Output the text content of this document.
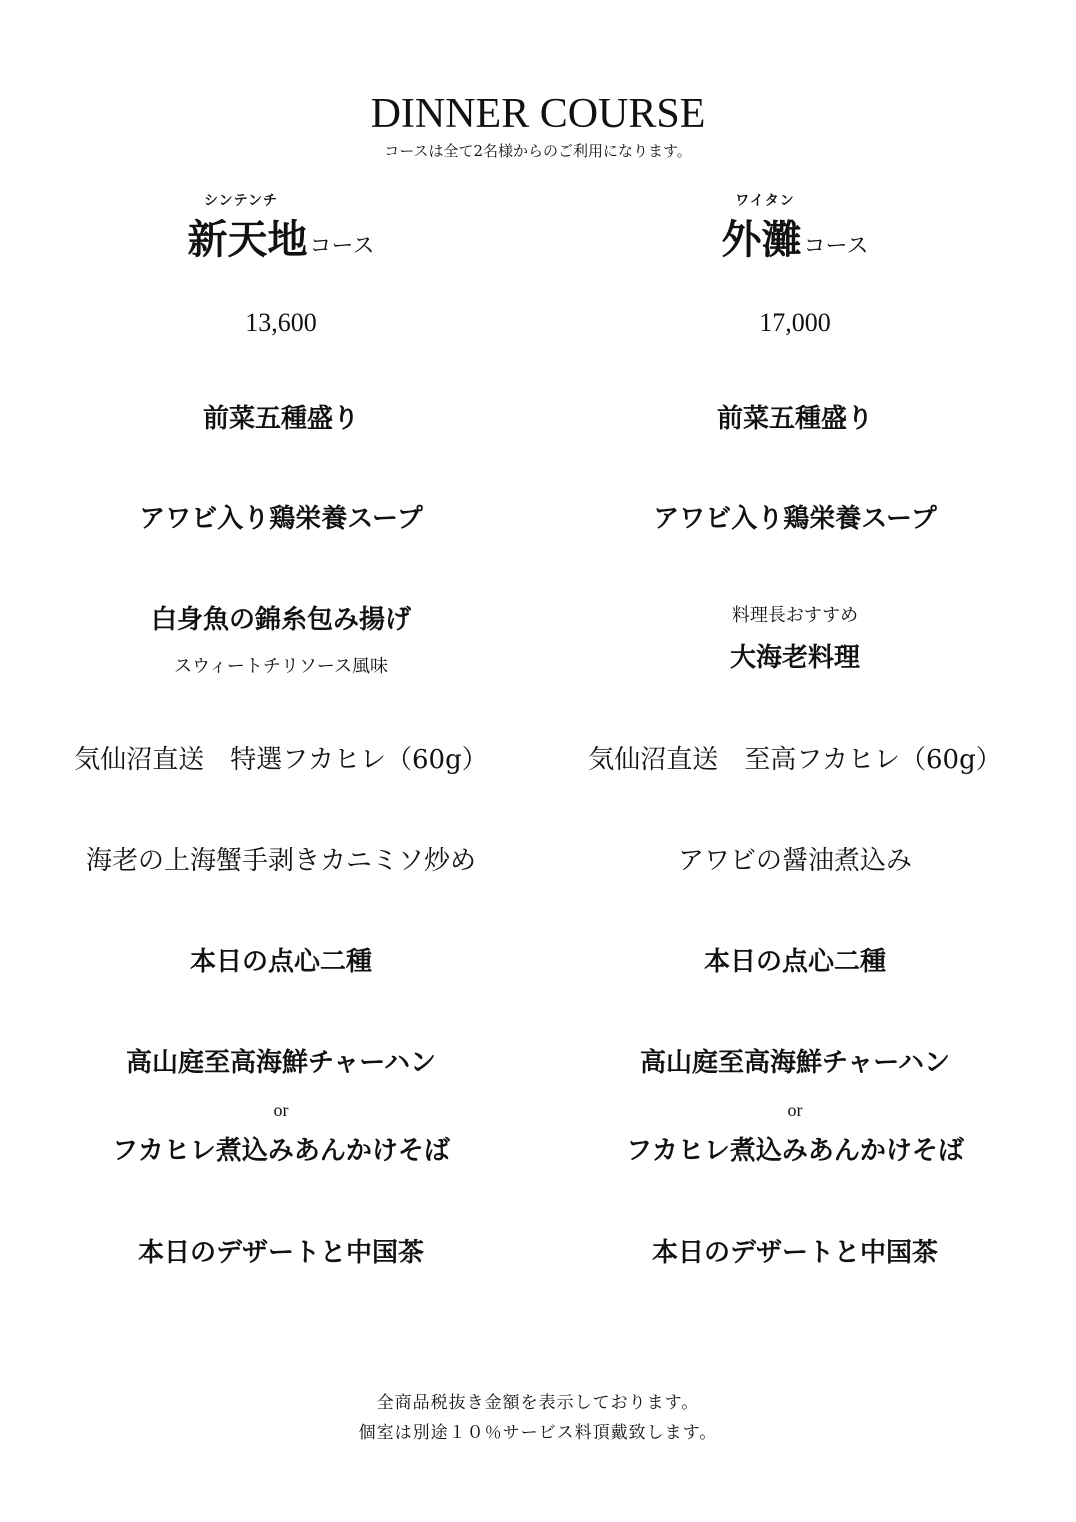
DINNER COURSE
コースは全て2名様からのご利用になります。
シンテンチ
新天地コース
13,600
前菜五種盛り
アワビ入り鶏栄養スープ
白身魚の錦糸包み揚げ
スウィートチリソース風味
気仙沼直送　特選フカヒレ（60g）
海老の上海蟹手剥きカニミソ炒め
本日の点心二種
高山庭至高海鮮チャーハン
or
フカヒレ煮込みあんかけそば
本日のデザートと中国茶
ワイタン
外灘コース
17,000
前菜五種盛り
アワビ入り鶏栄養スープ
料理長おすすめ
大海老料理
気仙沼直送　至高フカヒレ（60g）
アワビの醤油煮込み
本日の点心二種
高山庭至高海鮮チャーハン
or
フカヒレ煮込みあんかけそば
本日のデザートと中国茶
全商品税抜き金額を表示しております。
個室は別途１０％サービス料頂戴致します。
